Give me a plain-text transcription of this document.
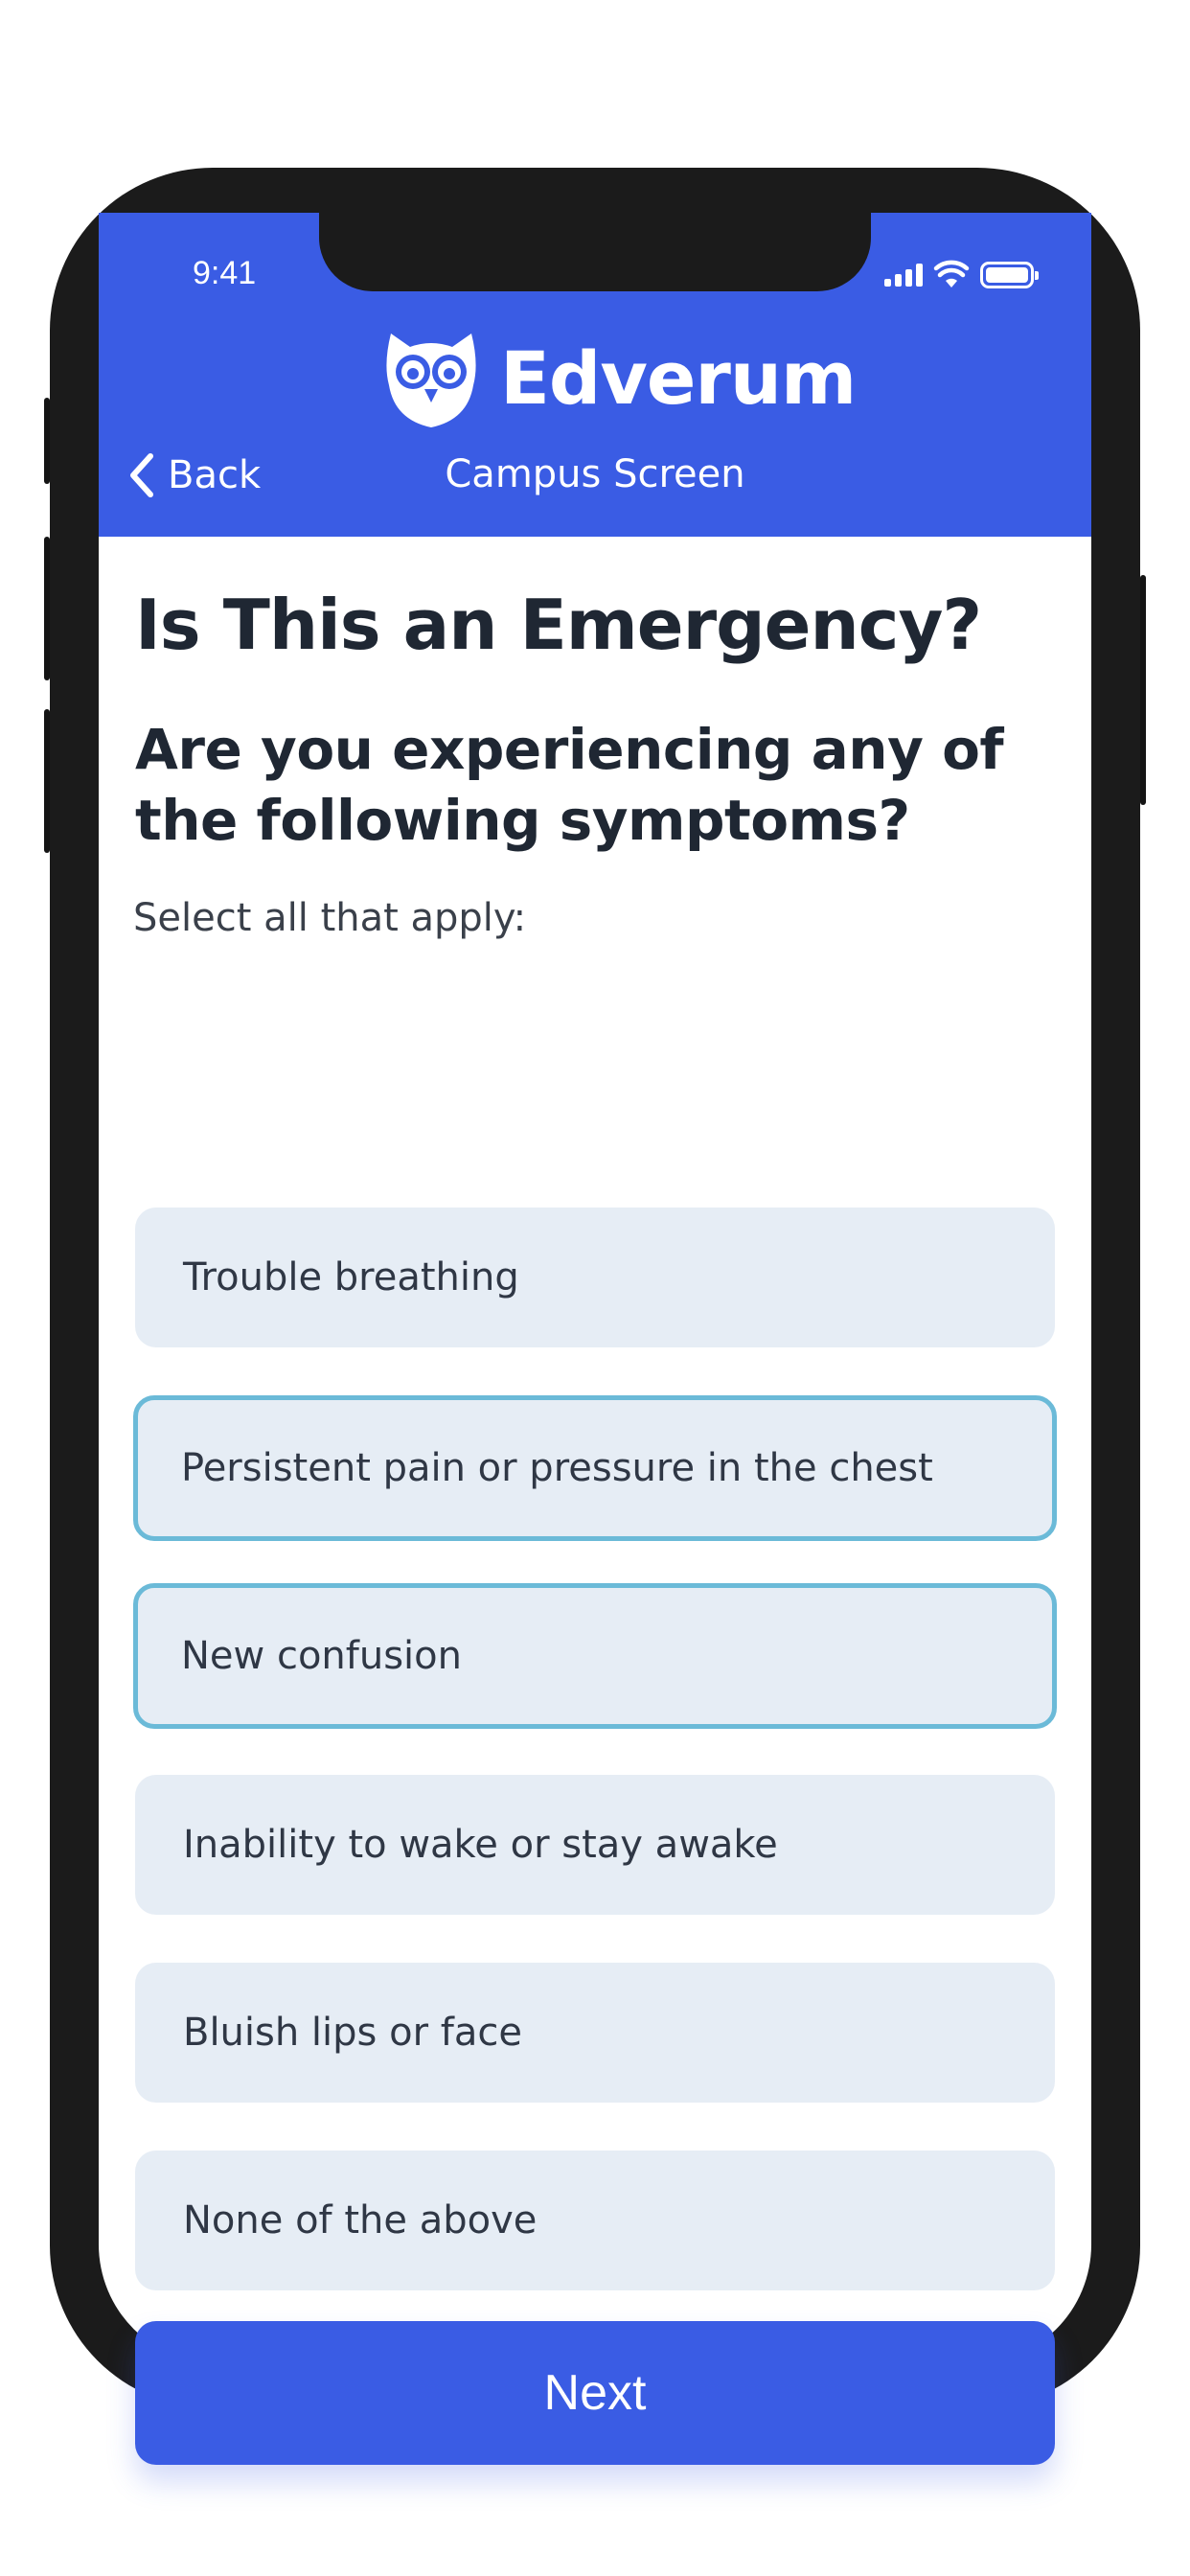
9:41
Edverum
Back	Campus Screen
Is This an Emergency?
Are you experiencing any of the following symptoms?
Select all that apply:
Trouble breathing
Persistent pain or pressure in the chest
New confusion
Inability to wake or stay awake
Bluish lips or face
None of the above
Next
